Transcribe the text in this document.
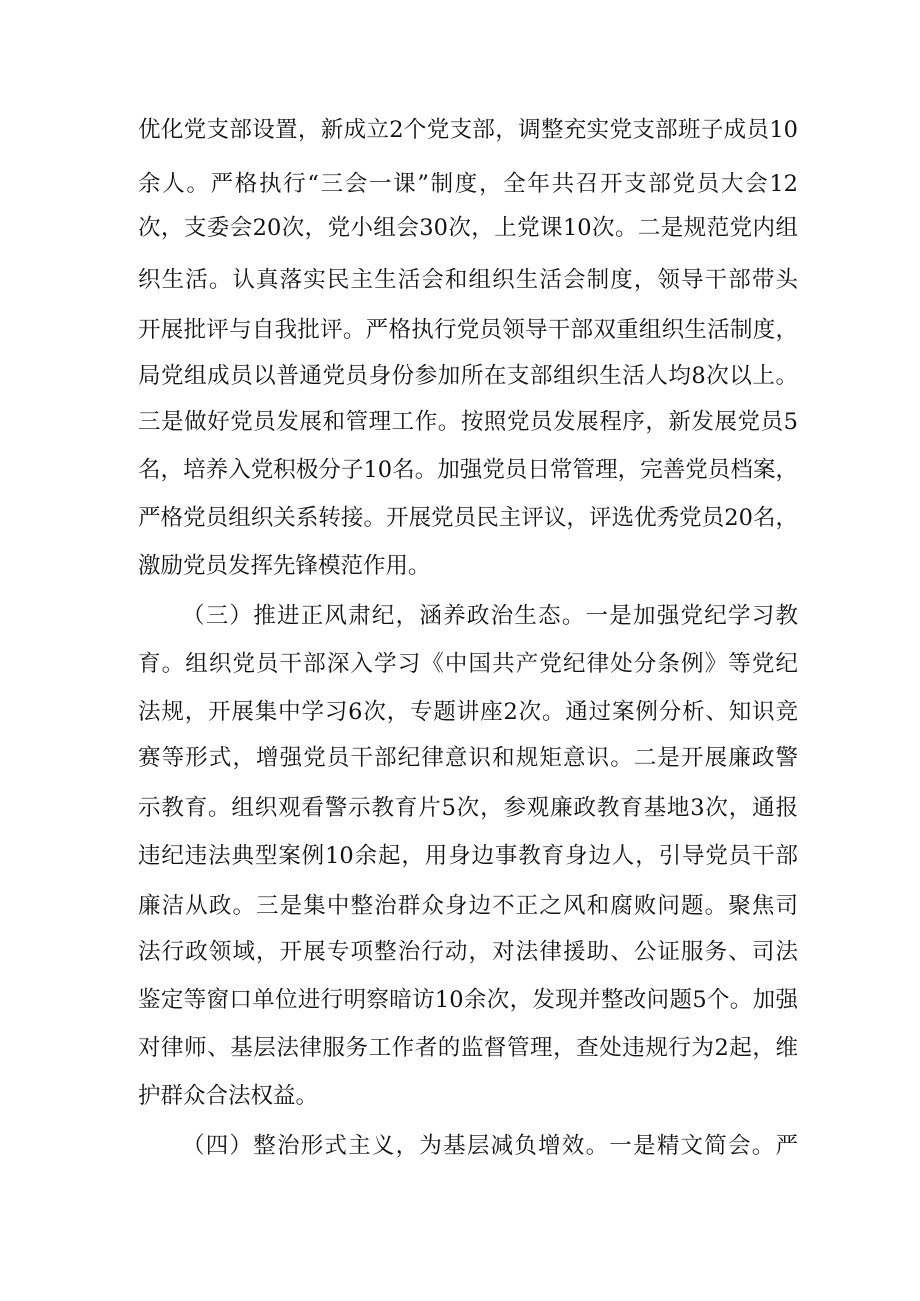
优化党支部设置，新成立2个党支部，调整充实党支部班子成员10
余人。严格执行“三会一课”制度，全年共召开支部党员大会12
次，支委会20次，党小组会30次，上党课10次。二是规范党内组
织生活。认真落实民主生活会和组织生活会制度，领导干部带头
开展批评与自我批评。严格执行党员领导干部双重组织生活制度，
局党组成员以普通党员身份参加所在支部组织生活人均8次以上。
三是做好党员发展和管理工作。按照党员发展程序，新发展党员5
名，培养入党积极分子10名。加强党员日常管理，完善党员档案，
严格党员组织关系转接。开展党员民主评议，评选优秀党员20名，
激励党员发挥先锋模范作用。
（三）推进正风肃纪，涵养政治生态。一是加强党纪学习教
育。组织党员干部深入学习《中国共产党纪律处分条例》等党纪
法规，开展集中学习6次，专题讲座2次。通过案例分析、知识竞
赛等形式，增强党员干部纪律意识和规矩意识。二是开展廉政警
示教育。组织观看警示教育片5次，参观廉政教育基地3次，通报
违纪违法典型案例10余起，用身边事教育身边人，引导党员干部
廉洁从政。三是集中整治群众身边不正之风和腐败问题。聚焦司
法行政领域，开展专项整治行动，对法律援助、公证服务、司法
鉴定等窗口单位进行明察暗访10余次，发现并整改问题5个。加强
对律师、基层法律服务工作者的监督管理，查处违规行为2起，维
护群众合法权益。
（四）整治形式主义，为基层减负增效。一是精文简会。严
